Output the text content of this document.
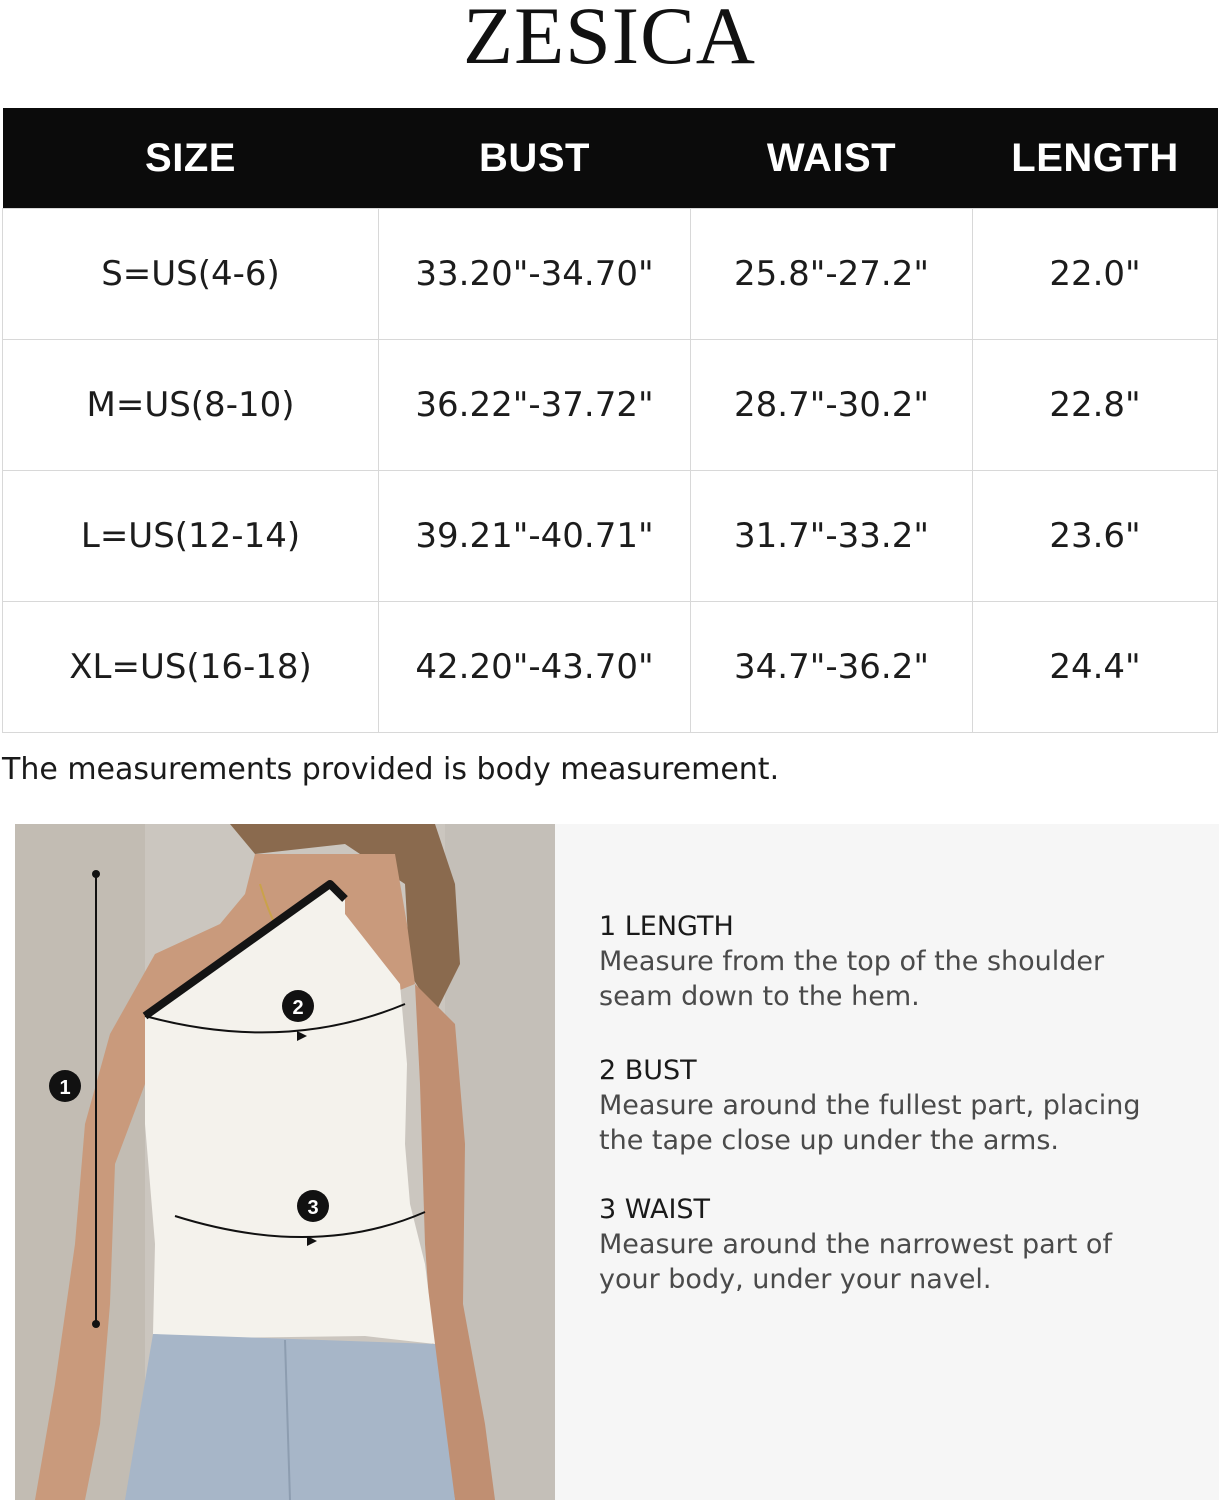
ZESICA
SIZE	BUST	WAIST	LENGTH
S=US(4-6)	33.20"-34.70"	25.8"-27.2"	22.0"
M=US(8-10)	36.22"-37.72"	28.7"-30.2"	22.8"
L=US(12-14)	39.21"-40.71"	31.7"-33.2"	23.6"
XL=US(16-18)	42.20"-43.70"	34.7"-36.2"	24.4"
The measurements provided is body measurement.
1
2
3
1 LENGTH
Measure from the top of the shoulder
seam down to the hem.
2 BUST
Measure around the fullest part, placing
the tape close up under the arms.
3 WAIST
Measure around the narrowest part of
your body, under your navel.
